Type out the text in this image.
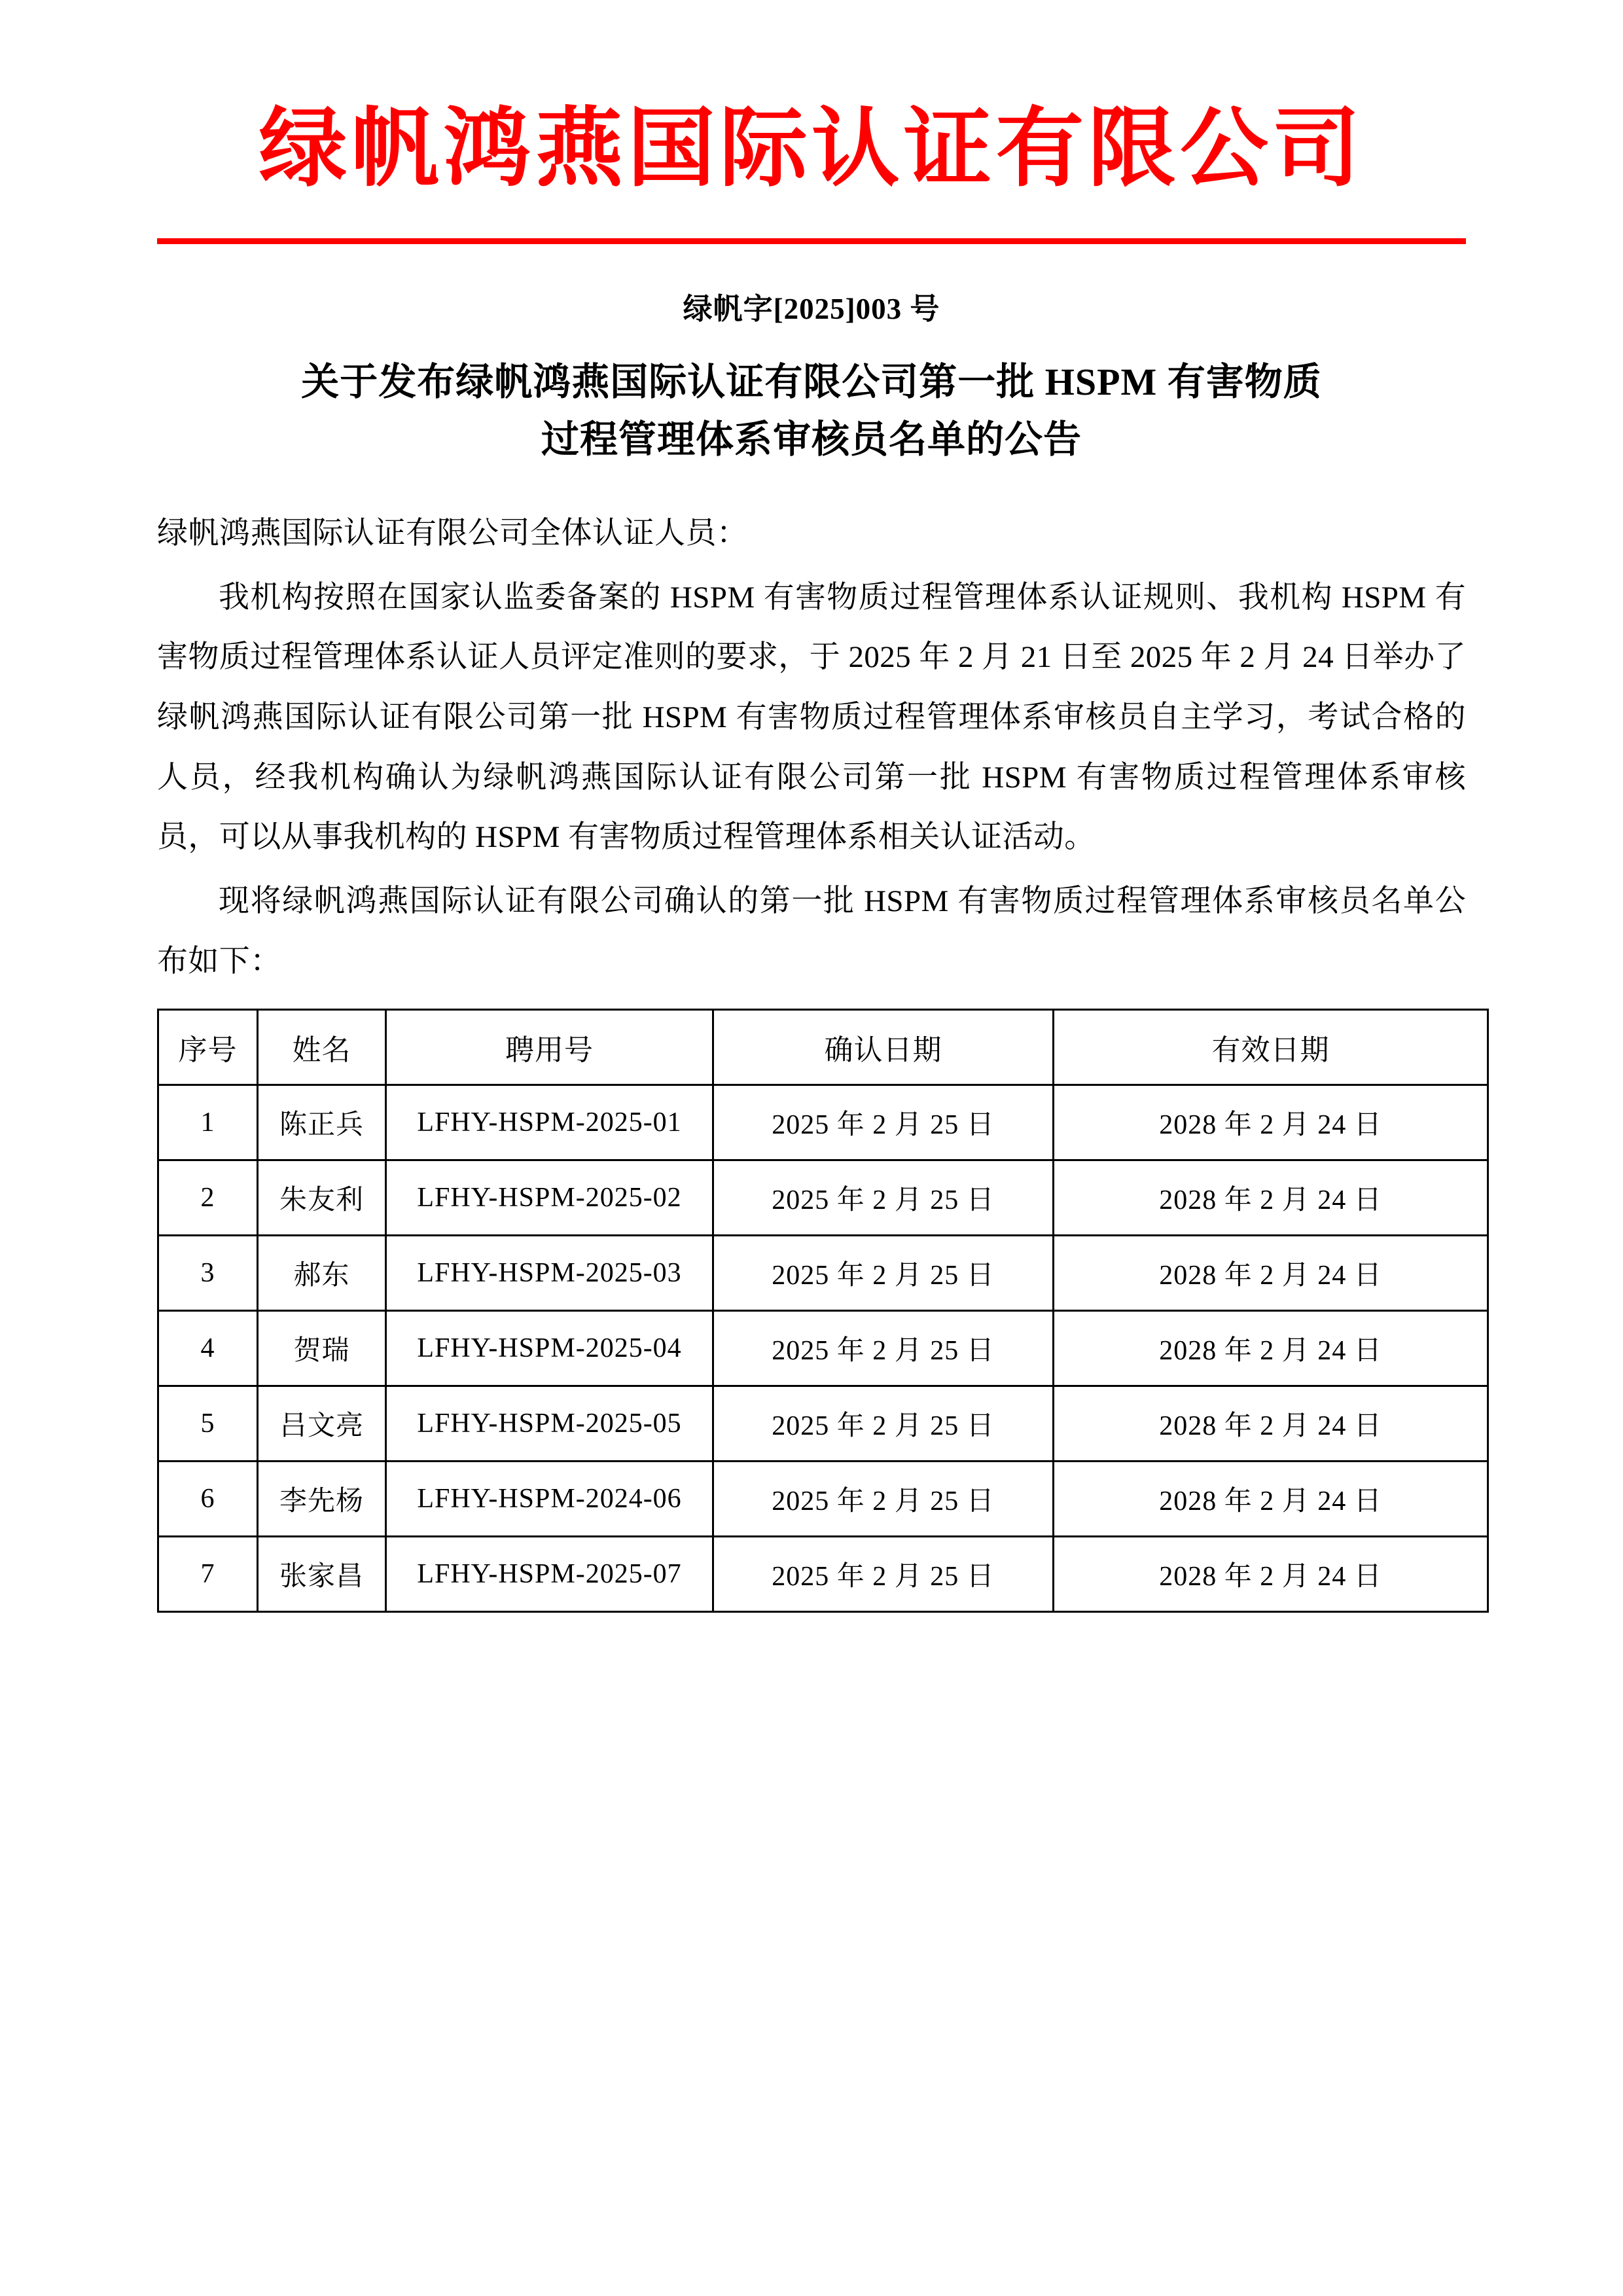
绿帆鸿燕国际认证有限公司
绿帆字[2025]003 号
关于发布绿帆鸿燕国际认证有限公司第一批 HSPM 有害物质
过程管理体系审核员名单的公告
绿帆鸿燕国际认证有限公司全体认证人员：
我机构按照在国家认监委备案的 HSPM 有害物质过程管理体系认证规则、我机构 HSPM 有害物质过程管理体系认证人员评定准则的要求，于 2025 年 2 月 21 日至 2025 年 2 月 24 日举办了绿帆鸿燕国际认证有限公司第一批 HSPM 有害物质过程管理体系审核员自主学习，考试合格的人员，经我机构确认为绿帆鸿燕国际认证有限公司第一批 HSPM 有害物质过程管理体系审核员，可以从事我机构的 HSPM 有害物质过程管理体系相关认证活动。
现将绿帆鸿燕国际认证有限公司确认的第一批 HSPM 有害物质过程管理体系审核员名单公布如下：
序号	姓名	聘用号	确认日期	有效日期
1	陈正兵	LFHY-HSPM-2025-01	2025 年 2 月 25 日	2028 年 2 月 24 日
2	朱友利	LFHY-HSPM-2025-02	2025 年 2 月 25 日	2028 年 2 月 24 日
3	郝东	LFHY-HSPM-2025-03	2025 年 2 月 25 日	2028 年 2 月 24 日
4	贺瑞	LFHY-HSPM-2025-04	2025 年 2 月 25 日	2028 年 2 月 24 日
5	吕文亮	LFHY-HSPM-2025-05	2025 年 2 月 25 日	2028 年 2 月 24 日
6	李先杨	LFHY-HSPM-2024-06	2025 年 2 月 25 日	2028 年 2 月 24 日
7	张家昌	LFHY-HSPM-2025-07	2025 年 2 月 25 日	2028 年 2 月 24 日
